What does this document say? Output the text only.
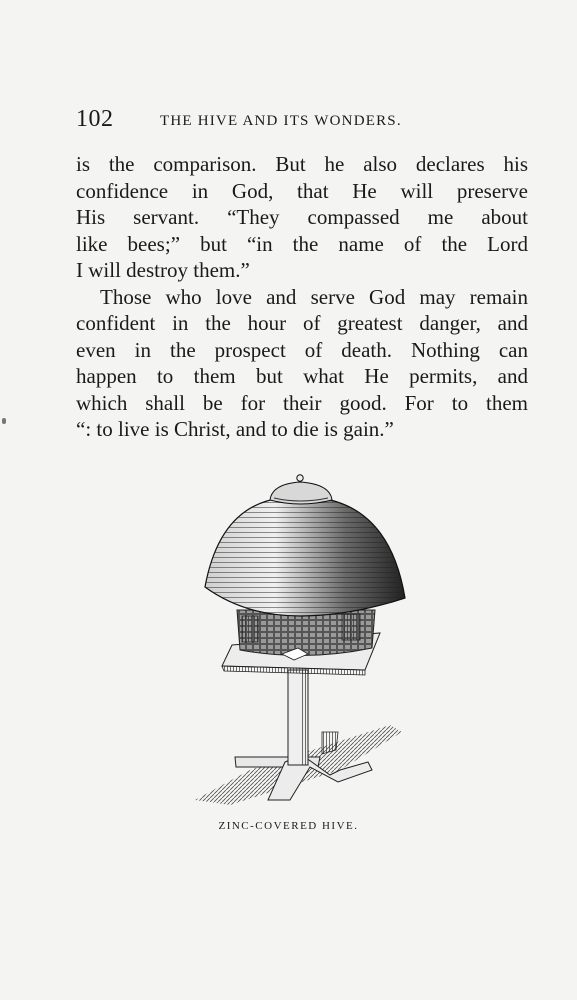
102	THE HIVE AND ITS WONDERS.
is the comparison. But he also declares his
confidence in God, that He will preserve
His servant. “They compassed me about
like bees;” but “in the name of the Lord
I will destroy them.”
Those who love and serve God may remain
confident in the hour of greatest danger, and
even in the prospect of death. Nothing can
happen to them but what He permits, and
which shall be for their good. For to them
“: to live is Christ, and to die is gain.”
ZINC-COVERED HIVE.
